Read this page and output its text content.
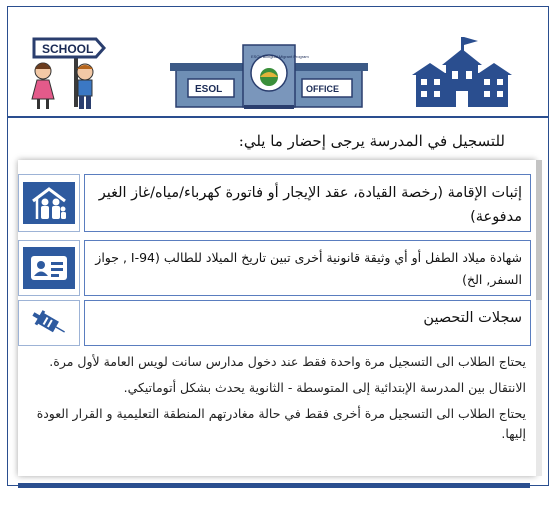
SCHOOL
ESOL	OFFICE
ESOL Bilingual Migrant Program
للتسجيل في المدرسة يرجى إحضار ما يلي:
إثبات الإقامة (رخصة القيادة، عقد الإيجار أو فاتورة كهرباء/مياه/غاز الغير مدفوعة)
شهادة ميلاد الطفل أو أي وثيقة قانونية أخرى تبين تاريخ الميلاد للطالب (I-94 , جواز السفر, الخ)
سجلات التحصين

يحتاج الطلاب الى التسجيل مرة واحدة فقط عند دخول مدارس سانت لويس العامة لأول مرة.

الانتقال بين المدرسة الإبتدائية إلى المتوسطة - الثانوية يحدث بشكل أتوماتيكي.

يحتاج الطلاب الى التسجيل مرة أخرى فقط في حالة مغادرتهم المنطقة التعليمية و القرار العودة إليها.
